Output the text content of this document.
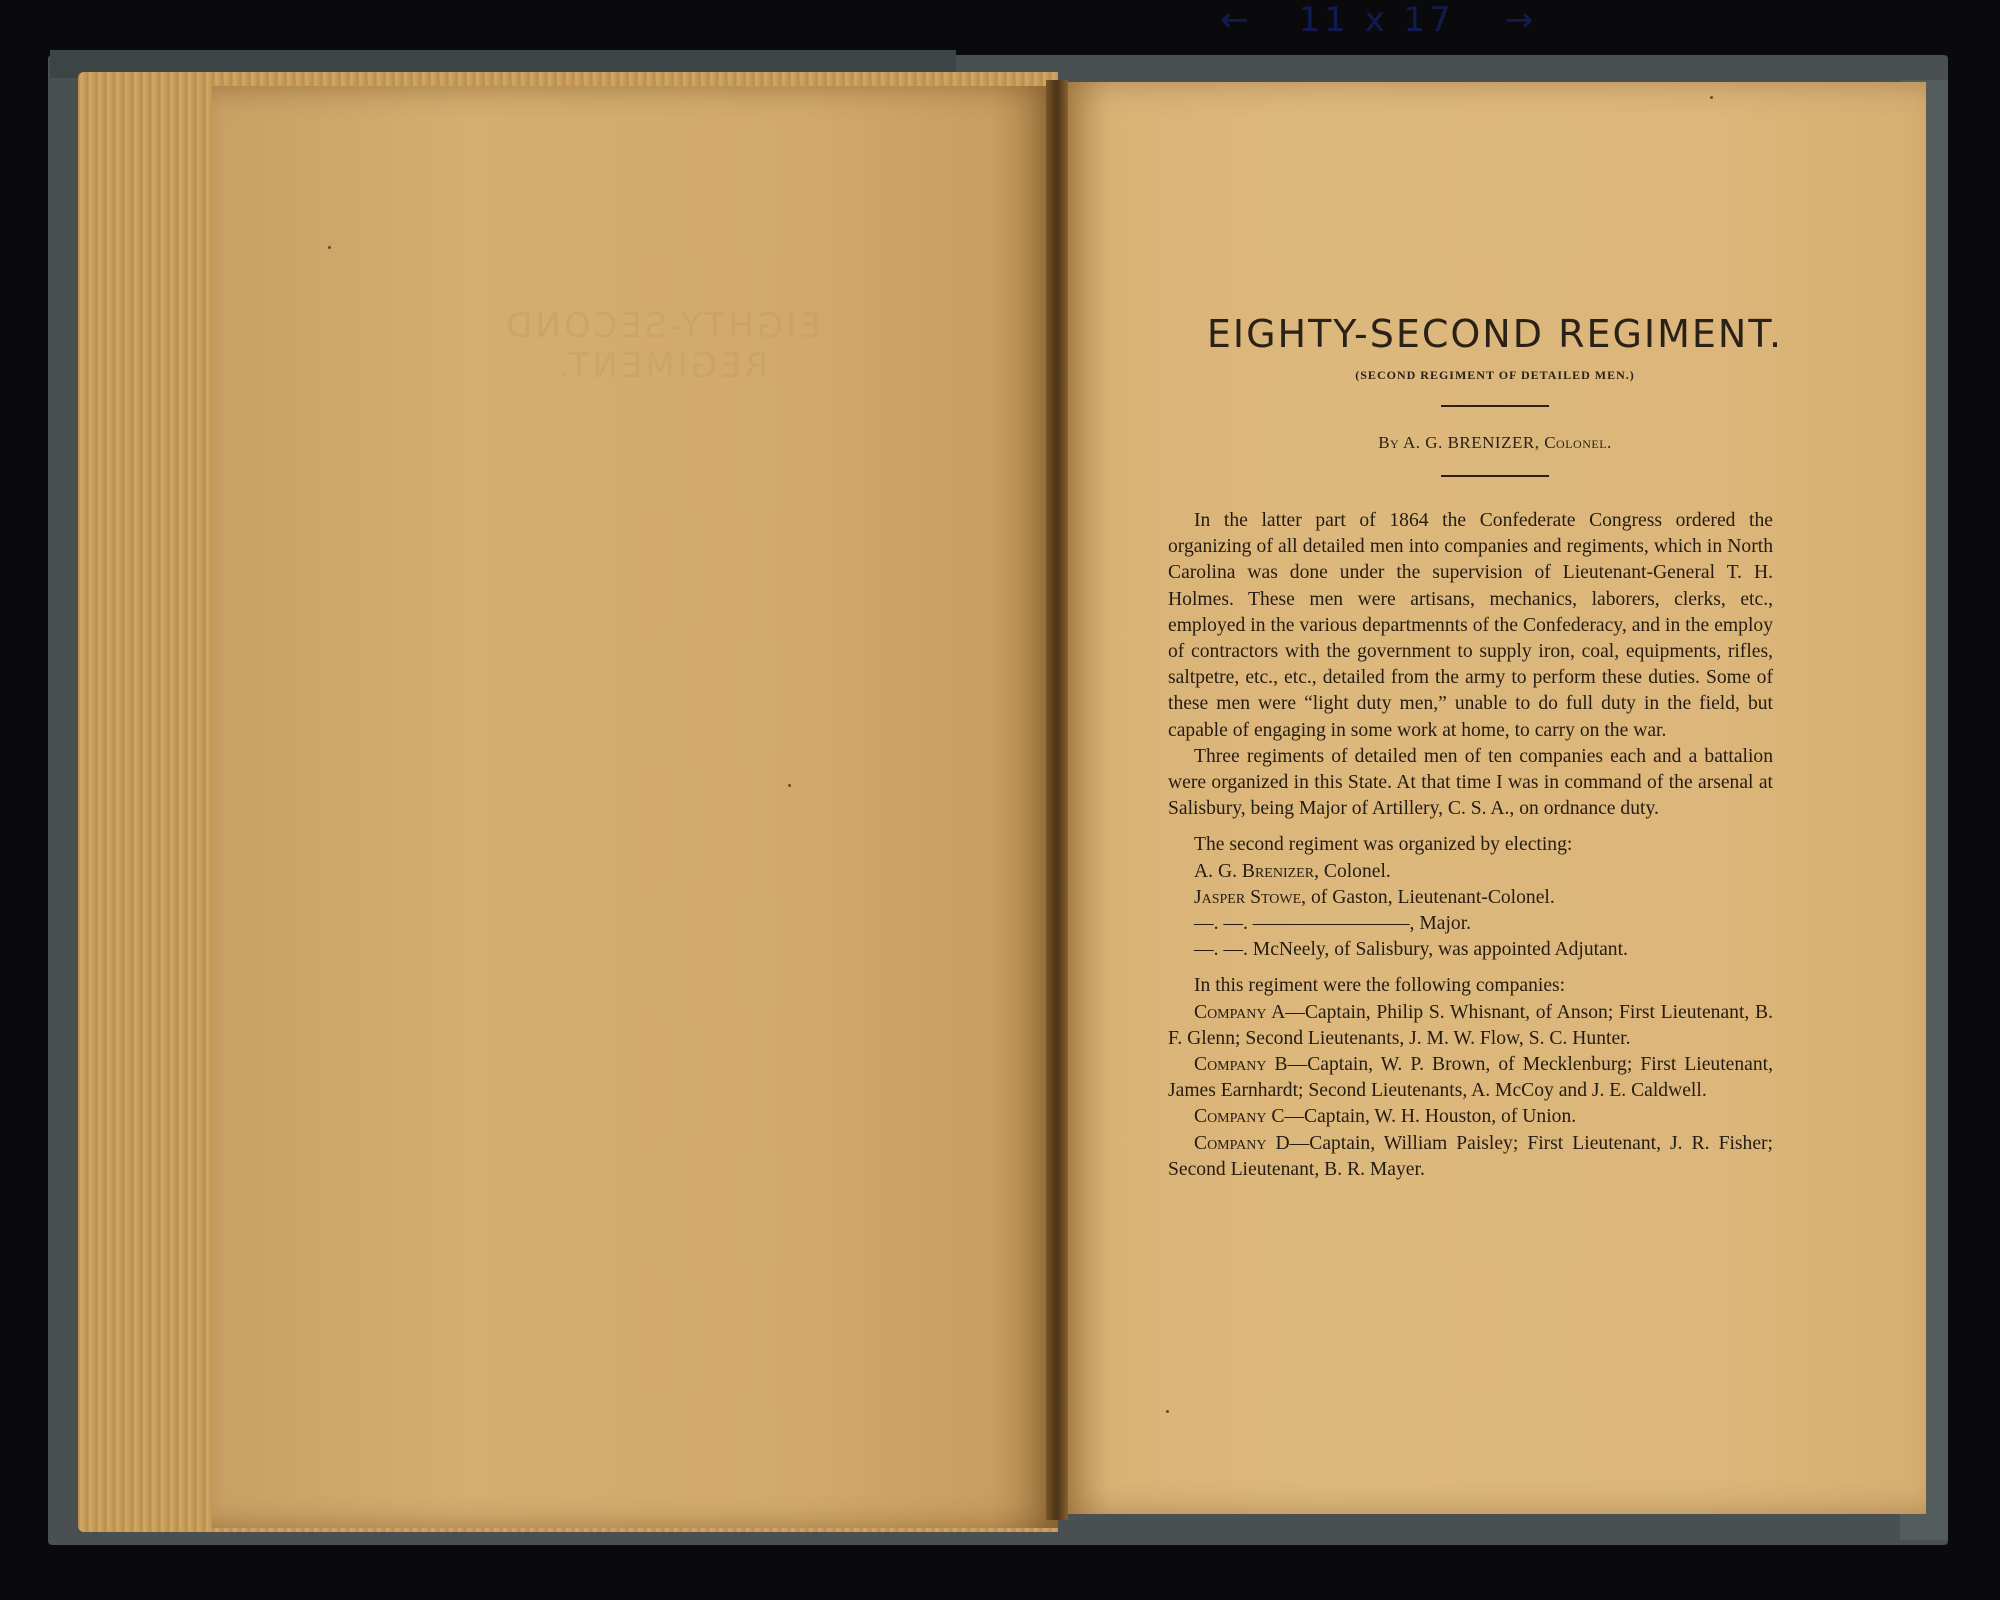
← 11 x 17 →
EIGHTY-SECOND REGIMENT.
EIGHTY-SECOND REGIMENT.
(SECOND REGIMENT OF DETAILED MEN.)
By A. G. BRENIZER, Colonel.

In the latter part of 1864 the Confederate Congress ordered the organizing of all detailed men into companies and regiments, which in North Carolina was done under the supervision of Lieutenant-General T. H. Holmes. These men were artisans, mechanics, laborers, clerks, etc., employed in the various departmennts of the Confederacy, and in the employ of contractors with the government to supply iron, coal, equipments, rifles, saltpetre, etc., etc., detailed from the army to perform these duties. Some of these men were “light duty men,” unable to do full duty in the field, but capable of engaging in some work at home, to carry on the war.

Three regiments of detailed men of ten companies each and a battalion were organized in this State. At that time I was in command of the arsenal at Salisbury, being Major of Artillery, C. S. A., on ordnance duty.

The second regiment was organized by electing:

A. G. Brenizer, Colonel.

Jasper Stowe, of Gaston, Lieutenant-Colonel.

—. —. ————————, Major.

—. —. McNeely, of Salisbury, was appointed Adjutant.

In this regiment were the following companies:

Company A—Captain, Philip S. Whisnant, of Anson; First Lieutenant, B. F. Glenn; Second Lieutenants, J. M. W. Flow, S. C. Hunter.

Company B—Captain, W. P. Brown, of Mecklenburg; First Lieutenant, James Earnhardt; Second Lieutenants, A. McCoy and J. E. Caldwell.

Company C—Captain, W. H. Houston, of Union.

Company D—Captain, William Paisley; First Lieutenant, J. R. Fisher; Second Lieutenant, B. R. Mayer.
